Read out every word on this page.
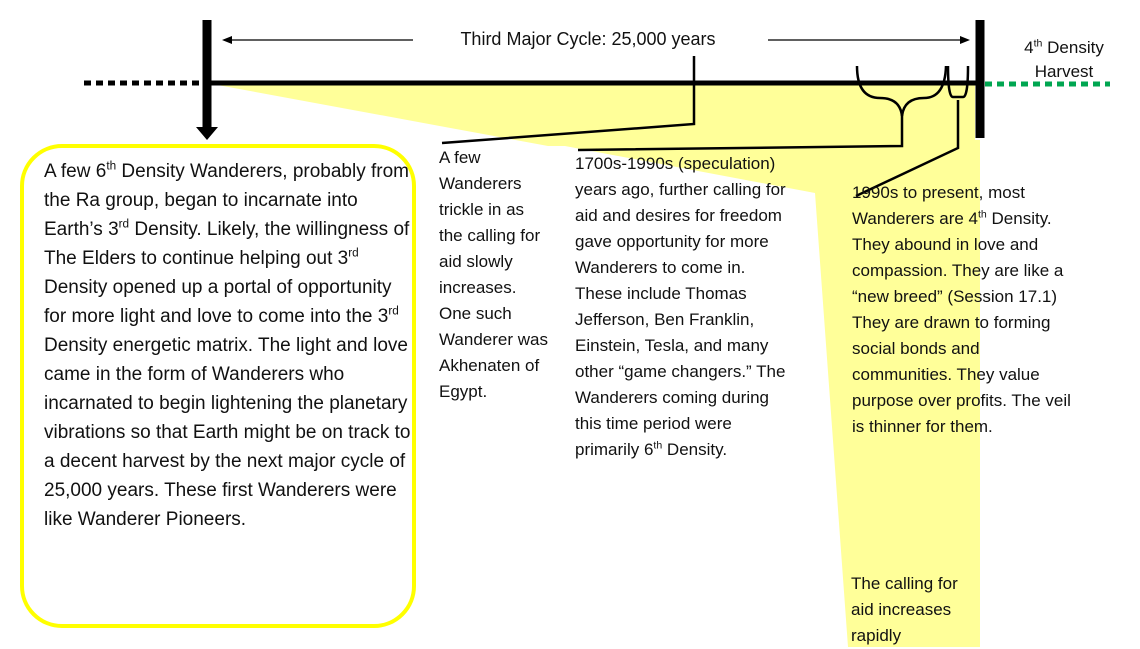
Third Major Cycle: 25,000 years	4th Density Harvest
A few 6th Density Wanderers, probably from the Ra group, began to incarnate into Earth’s 3rd Density. Likely, the willingness of The Elders to continue helping out 3rd Density opened up a portal of opportunity for more light and love to come into the 3rd Density energetic matrix. The light and love came in the form of Wanderers who incarnated to begin lightening the planetary vibrations so that Earth might be on track to a decent harvest by the next major cycle of 25,000 years. These first Wanderers were like Wanderer Pioneers.
A few Wanderers trickle in as the calling for aid slowly increases. One such Wanderer was Akhenaten of Egypt.
1700s-1990s (speculation) years ago, further calling for aid and desires for freedom gave opportunity for more Wanderers to come in. These include Thomas Jefferson, Ben Franklin, Einstein, Tesla, and many other “game changers.” The Wanderers coming during this time period were primarily 6th Density.
1990s to present, most Wanderers are 4th Density. They abound in love and compassion. They are like a “new breed” (Session 17.1) They are drawn to forming social bonds and communities. They value purpose over profits. The veil is thinner for them.
The calling for aid increases rapidly
